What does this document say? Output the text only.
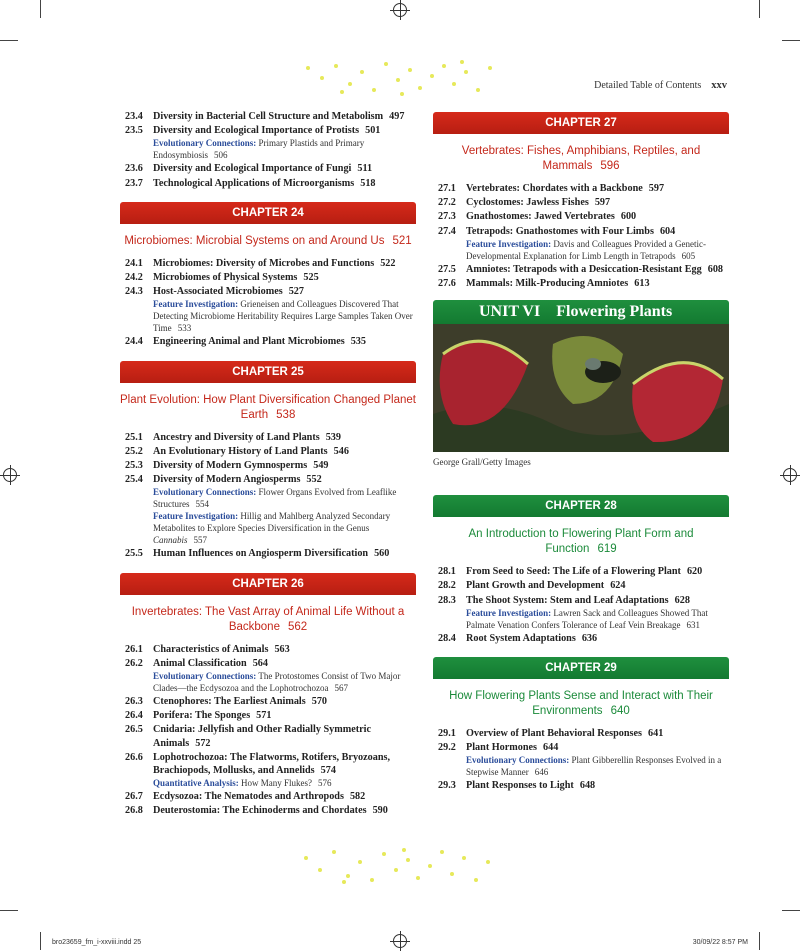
Detailed Table of Contents xxv
23.4 Diversity in Bacterial Cell Structure and Metabolism 497
23.5 Diversity and Ecological Importance of Protists 501
Evolutionary Connections: Primary Plastids and Primary Endosymbiosis 506
23.6 Diversity and Ecological Importance of Fungi 511
23.7 Technological Applications of Microorganisms 518
CHAPTER 24
Microbiomes: Microbial Systems on and Around Us 521
24.1 Microbiomes: Diversity of Microbes and Functions 522
24.2 Microbiomes of Physical Systems 525
24.3 Host-Associated Microbiomes 527
Feature Investigation: Grieneisen and Colleagues Discovered That Detecting Microbiome Heritability Requires Large Samples Taken Over Time 533
24.4 Engineering Animal and Plant Microbiomes 535
CHAPTER 25
Plant Evolution: How Plant Diversification Changed Planet Earth 538
25.1 Ancestry and Diversity of Land Plants 539
25.2 An Evolutionary History of Land Plants 546
25.3 Diversity of Modern Gymnosperms 549
25.4 Diversity of Modern Angiosperms 552
Evolutionary Connections: Flower Organs Evolved from Leaflike Structures 554
Feature Investigation: Hillig and Mahlberg Analyzed Secondary Metabolites to Explore Species Diversification in the Genus Cannabis 557
25.5 Human Influences on Angiosperm Diversification 560
CHAPTER 26
Invertebrates: The Vast Array of Animal Life Without a Backbone 562
26.1 Characteristics of Animals 563
26.2 Animal Classification 564
Evolutionary Connections: The Protostomes Consist of Two Major Clades—the Ecdysozoa and the Lophotrochozoa 567
26.3 Ctenophores: The Earliest Animals 570
26.4 Porifera: The Sponges 571
26.5 Cnidaria: Jellyfish and Other Radially Symmetric Animals 572
26.6 Lophotrochozoa: The Flatworms, Rotifers, Bryozoans, Brachiopods, Mollusks, and Annelids 574
Quantitative Analysis: How Many Flukes? 576
26.7 Ecdysozoa: The Nematodes and Arthropods 582
26.8 Deuterostomia: The Echinoderms and Chordates 590
CHAPTER 27
Vertebrates: Fishes, Amphibians, Reptiles, and Mammals 596
27.1 Vertebrates: Chordates with a Backbone 597
27.2 Cyclostomes: Jawless Fishes 597
27.3 Gnathostomes: Jawed Vertebrates 600
27.4 Tetrapods: Gnathostomes with Four Limbs 604
Feature Investigation: Davis and Colleagues Provided a Genetic-Developmental Explanation for Limb Length in Tetrapods 605
27.5 Amniotes: Tetrapods with a Desiccation-Resistant Egg 608
27.6 Mammals: Milk-Producing Amniotes 613
UNIT VI Flowering Plants
George Grall/Getty Images
CHAPTER 28
An Introduction to Flowering Plant Form and Function 619
28.1 From Seed to Seed: The Life of a Flowering Plant 620
28.2 Plant Growth and Development 624
28.3 The Shoot System: Stem and Leaf Adaptations 628
Feature Investigation: Lawren Sack and Colleagues Showed That Palmate Venation Confers Tolerance of Leaf Vein Breakage 631
28.4 Root System Adaptations 636
CHAPTER 29
How Flowering Plants Sense and Interact with Their Environments 640
29.1 Overview of Plant Behavioral Responses 641
29.2 Plant Hormones 644
Evolutionary Connections: Plant Gibberellin Responses Evolved in a Stepwise Manner 646
29.3 Plant Responses to Light 648
bro23659_fm_i-xxviii.indd 25	30/09/22 8:57 PM
